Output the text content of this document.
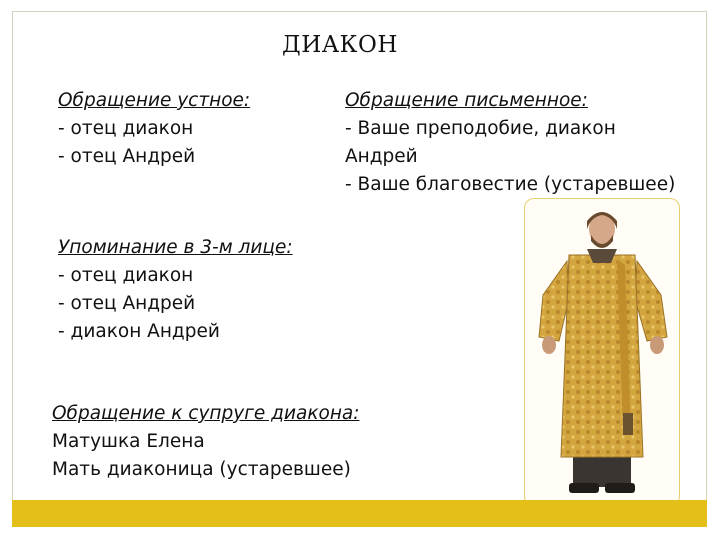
ДИАКОН
Обращение устное:
- отец диакон
- отец Андрей
Обращение письменное:
- Ваше преподобие, диакон
Андрей
- Ваше благовестие (устаревшее)
Упоминание в 3-м лице:
- отец диакон
- отец Андрей
- диакон Андрей
Обращение к супруге диакона:
Матушка Елена
Мать диаконица (устаревшее)
